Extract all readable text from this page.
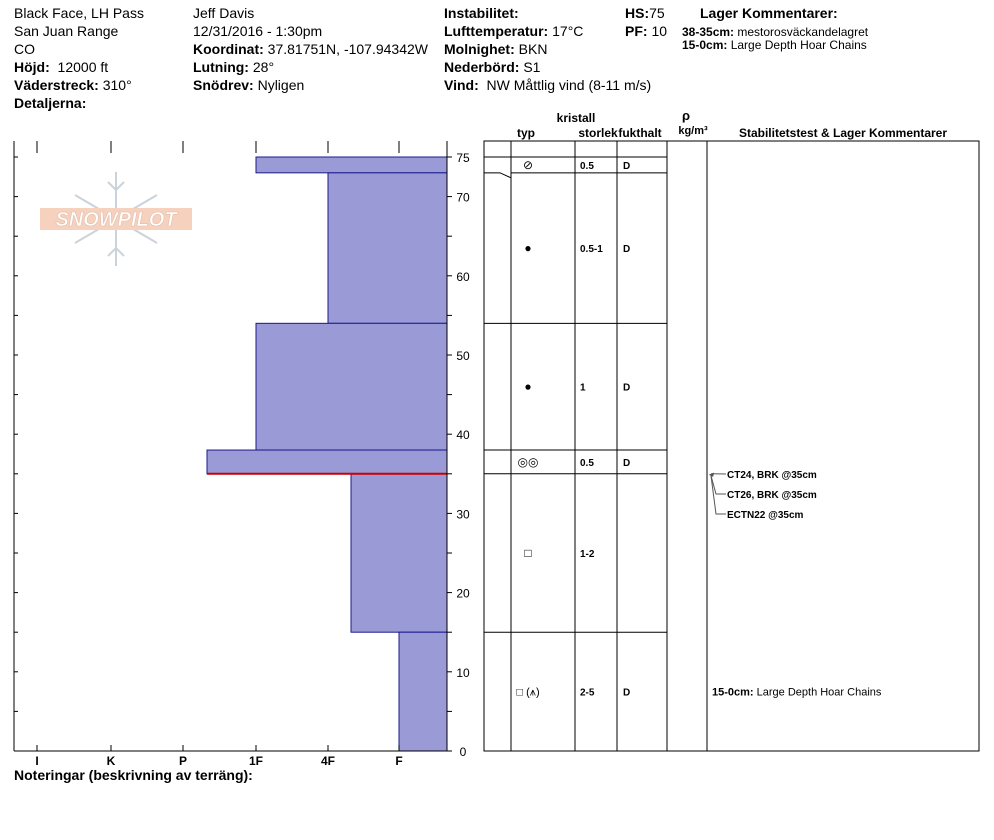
Black Face, LH Pass
San Juan Range
CO
Höjd: 12000 ft
Väderstreck: 310°
Detaljerna:
Jeff Davis
12/31/2016 - 1:30pm
Koordinat: 37.81751N, -107.94342W
Lutning: 28°
Snödrev: Nyligen
Instabilitet:
Lufttemperatur: 17°C
Molnighet: BKN
Nederbörd: S1
Vind: NW Måttlig vind (8-11 m/s)
HS:75
PF: 10
Lager Kommentarer:
38-35cm: mestorosväckandelagret
15-0cm: Large Depth Hoar Chains
SNOWPILOT
I	K	P	1F	4F	F
0
10
20
30
40
50
60
70
75	⊘	0.5	D
●	0.5-1 D
●	1	D
◎◎	0.5	D
□	1-2
□ (⩚)	2-5	D
CT24, BRK @35cm
CT26, BRK @35cm
ECTN22 @35cm
15-0cm: Large Depth Hoar Chains
kristall
typ	storlek fukthalt
ρ
kg/m³	Stabilitetstest & Lager Kommentarer
Noteringar (beskrivning av terräng):
